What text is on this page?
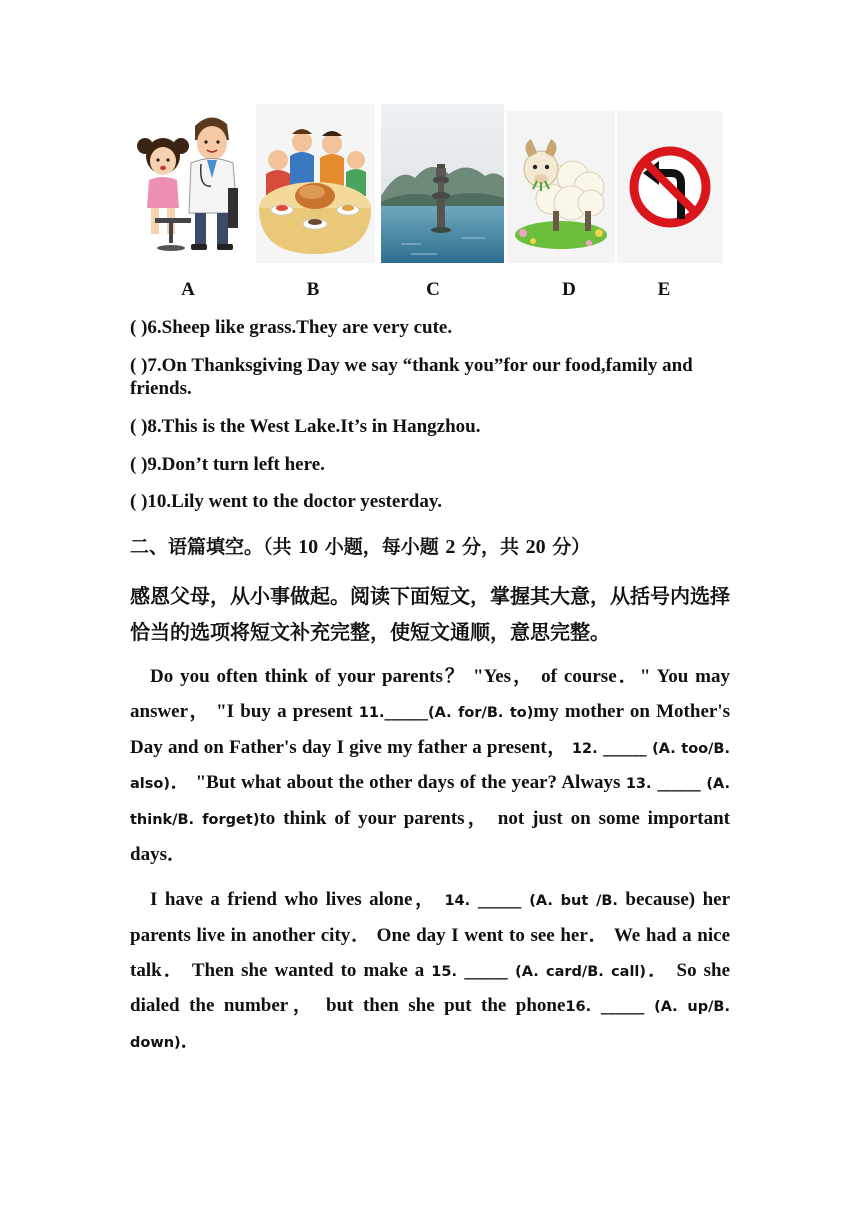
A	B	C	D	E
( )6.Sheep like grass.They are very cute.
( )7.On Thanksgiving Day we say “thank you”for our food,family and friends.
( )8.This is the West Lake.It’s in Hangzhou.
( )9.Don’t turn left here.
( )10.Lily went to the doctor yesterday.
二、语篇填空。（共 10 小题，每小题 2 分，共 20 分）
感恩父母，从小事做起。阅读下面短文，掌握其大意，从括号内选择恰当的选项将短文补充完整，使短文通顺，意思完整。
Do you often think of your parents？ "Yes， of course．" You may answer， "I buy a present 11.______(A. for/B. to)my mother on Mother's Day and on Father's day I give my father a present， 12. ______ (A. too/B. also)． "But what about the other days of the year? Always 13. ______ (A. think/B. forget)to think of your parents， not just on some important days．
I have a friend who lives alone， 14. ______ (A. but /B. because) her parents live in another city． One day I went to see her． We had a nice talk． Then she wanted to make a 15. ______ (A. card/B. call)． So she dialed the number， but then she put the phone16. ______ (A. up/B. down)．
